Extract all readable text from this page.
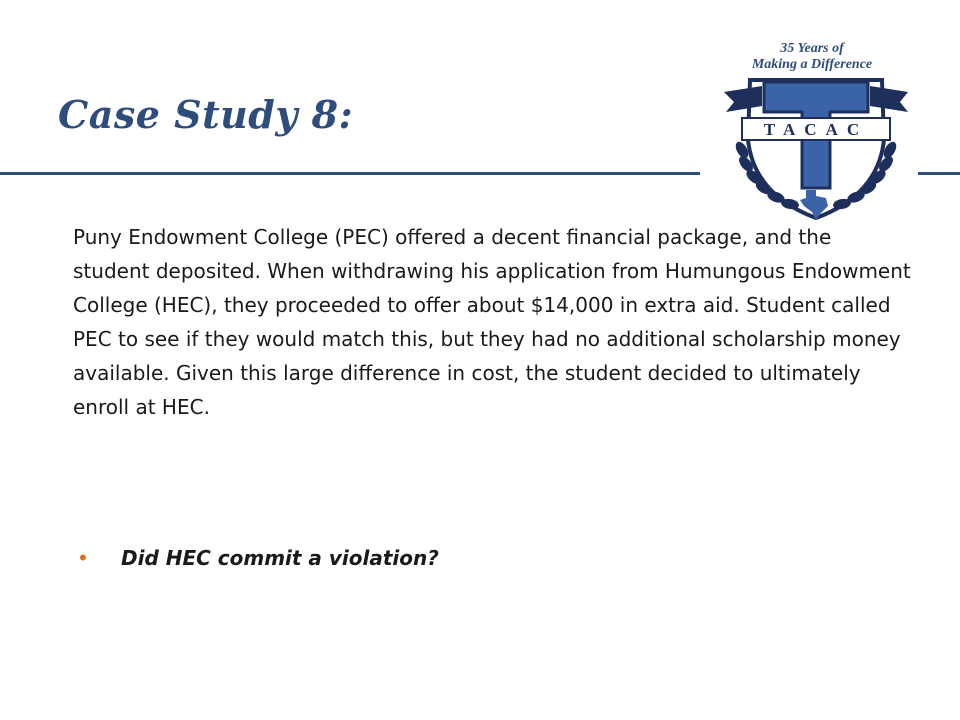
Case Study 8:

Puny Endowment College (PEC) offered a decent financial package, and the student deposited. When withdrawing his application from Humungous Endowment College (HEC), they proceeded to offer about $14,000 in extra aid. Student called PEC to see if they would match this, but they had no additional scholarship money available. Given this large difference in cost, the student decided to ultimately enroll at HEC.

•	Did HEC commit a violation?
35 Years of
Making a Difference
TACAC
